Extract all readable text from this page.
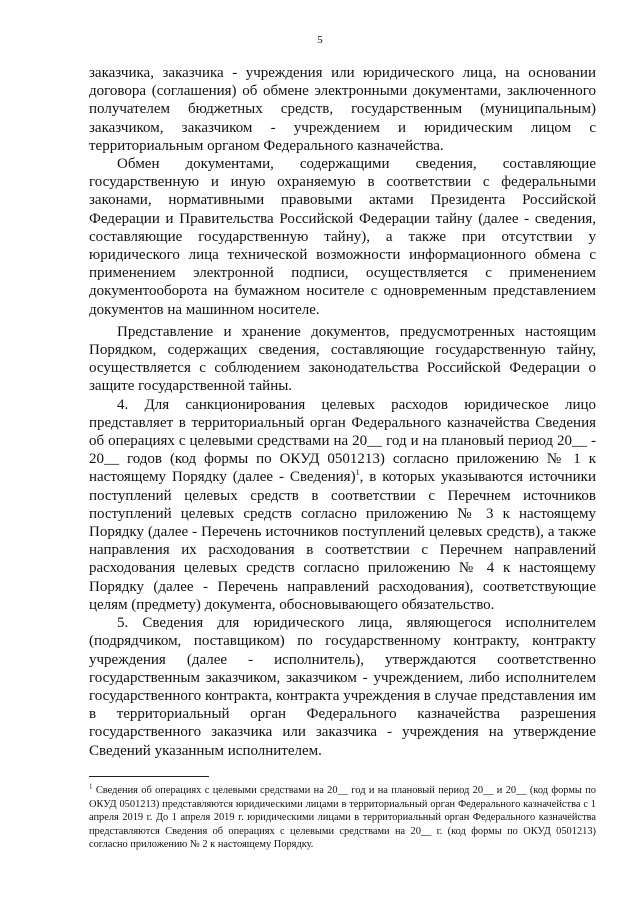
5

заказчика, заказчика - учреждения или юридического лица, на основании договора (соглашения) об обмене электронными документами, заключенного получателем бюджетных средств, государственным (муниципальным) заказчиком, заказчиком - учреждением и юридическим лицом с территориальным органом Федерального казначейства.

Обмен документами, содержащими сведения, составляющие государственную и иную охраняемую в соответствии с федеральными законами, нормативными правовыми актами Президента Российской Федерации и Правительства Российской Федерации тайну (далее - сведения, составляющие государственную тайну), а также при отсутствии у юридического лица технической возможности информационного обмена с применением электронной подписи, осуществляется с применением документооборота на бумажном носителе с одновременным представлением документов на машинном носителе.

Представление и хранение документов, предусмотренных настоящим Порядком, содержащих сведения, составляющие государственную тайну, осуществляется с соблюдением законодательства Российской Федерации о защите государственной тайны.

4. Для санкционирования целевых расходов юридическое лицо представляет в территориальный орган Федерального казначейства Сведения об операциях с целевыми средствами на 20__ год и на плановый период 20__ - 20__ годов (код формы по ОКУД 0501213) согласно приложению № 1 к настоящему Порядку (далее - Сведения)$^1$, в которых указываются источники поступлений целевых средств в соответствии с Перечнем источников поступлений целевых средств согласно приложению № 3 к настоящему Порядку (далее - Перечень источников поступлений целевых средств), а также направления их расходования в соответствии с Перечнем направлений расходования целевых средств согласно приложению № 4 к настоящему Порядку (далее - Перечень направлений расходования), соответствующие целям (предмету) документа, обосновывающего обязательство.

5. Сведения для юридического лица, являющегося исполнителем (подрядчиком, поставщиком) по государственному контракту, контракту учреждения (далее - исполнитель), утверждаются соответственно государственным заказчиком, заказчиком - учреждением, либо исполнителем государственного контракта, контракта учреждения в случае представления им в территориальный орган Федерального казначейства разрешения государственного заказчика или заказчика - учреждения на утверждение Сведений указанным исполнителем.

$^1$ Сведения об операциях с целевыми средствами на 20__ год и на плановый период 20__ и 20__ (код формы по ОКУД 0501213) представляются юридическими лицами в территориальный орган Федерального казначейства с 1 апреля 2019 г. До 1 апреля 2019 г. юридическими лицами в территориальный орган Федерального казначейства представляются Сведения об операциях с целевыми средствами на 20__ г. (код формы по ОКУД 0501213) согласно приложению № 2 к настоящему Порядку.
